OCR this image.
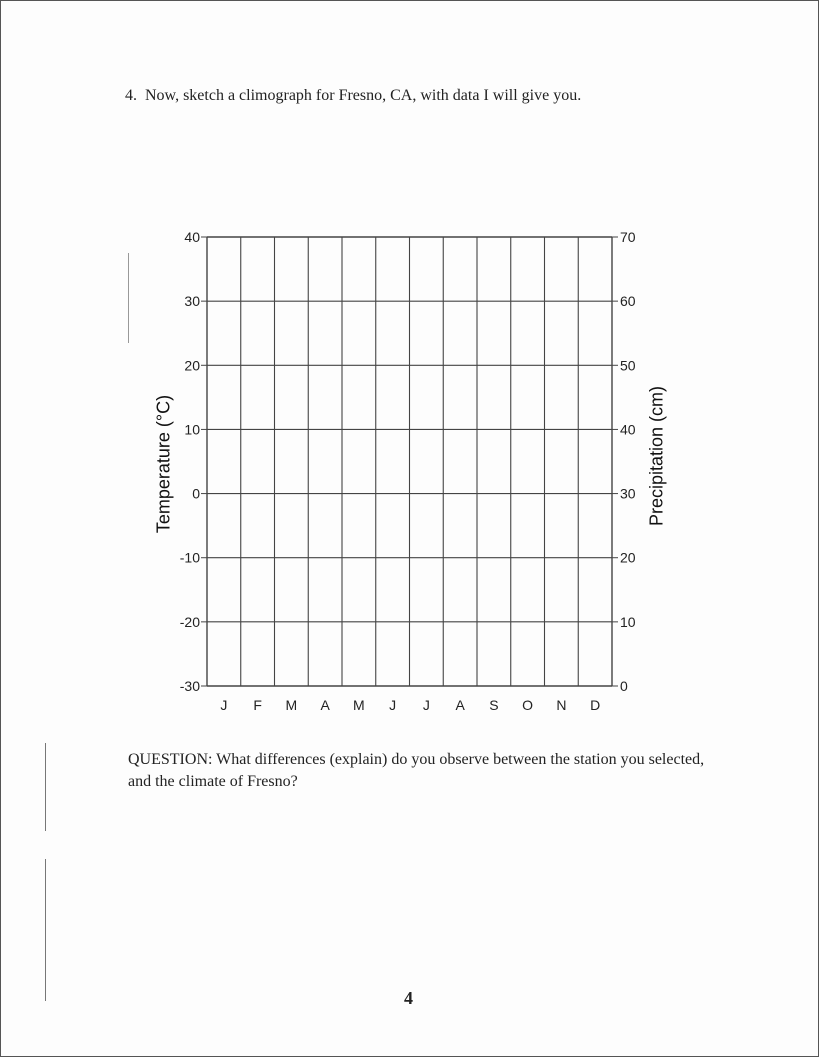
4. Now, sketch a climograph for Fresno, CA, with data I will give you.
Temperature (°C)	Precipitation (cm)
40
30
20
10
0
-10
-20
-30
70
60
50
40
30
20
10
0
J F M A M J J A S O N D
QUESTION: What differences (explain) do you observe between the station you selected, and the climate of Fresno?
4
